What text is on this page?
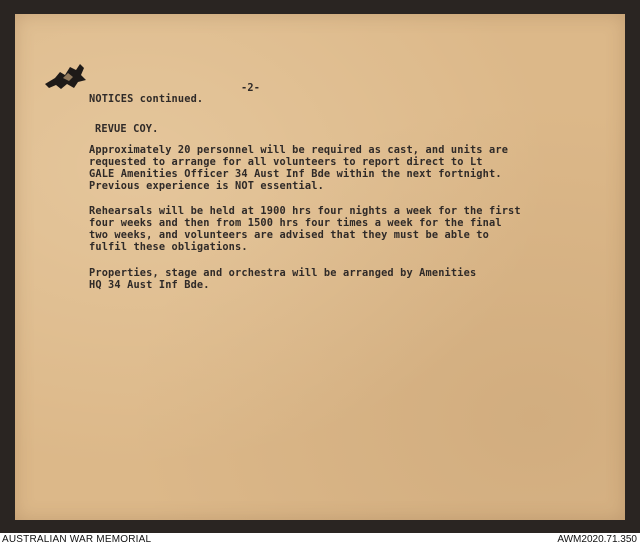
-2-
NOTICES continued.
REVUE COY.
Approximately 20 personnel will be required as cast, and units are
requested to arrange for all volunteers to report direct to Lt
GALE Amenities Officer 34 Aust Inf Bde within the next fortnight.
Previous experience is NOT essential.
Rehearsals will be held at 1900 hrs four nights a week for the first
four weeks and then from 1500 hrs four times a week for the final
two weeks, and volunteers are advised that they must be able to
fulfil these obligations.
Properties, stage and orchestra will be arranged by Amenities
HQ 34 Aust Inf Bde.
AUSTRALIAN WAR MEMORIAL	AWM2020.71.350
